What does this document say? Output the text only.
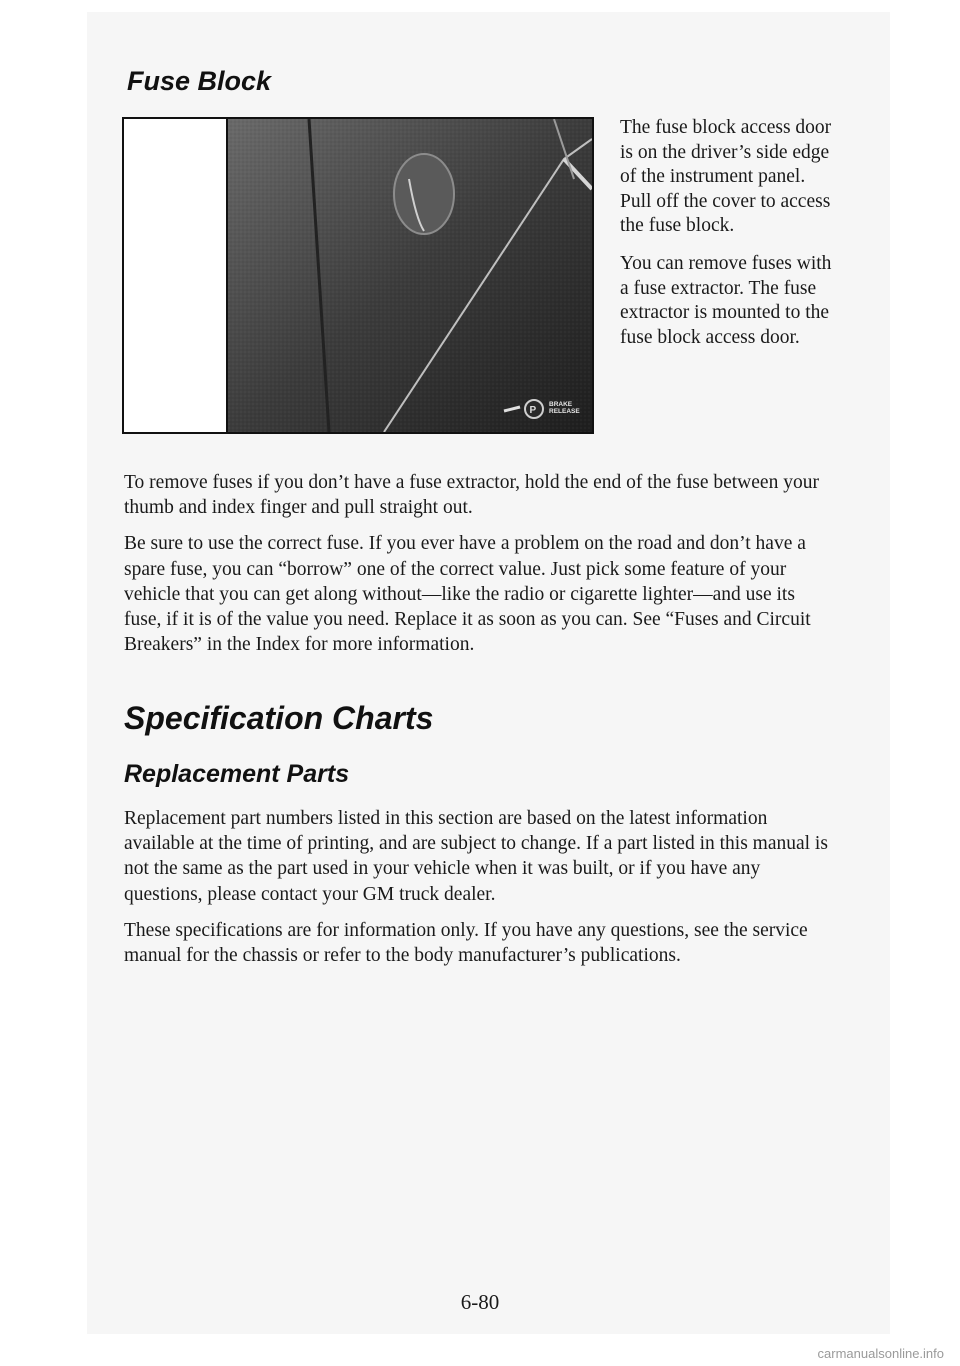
Fuse Block
P
BRAKE
RELEASE

The fuse block access door is on the driver’s side edge of the instrument panel. Pull off the cover to access the fuse block.

You can remove fuses with a fuse extractor. The fuse extractor is mounted to the fuse block access door.

To remove fuses if you don’t have a fuse extractor, hold the end of the fuse between your thumb and index finger and pull straight out.

Be sure to use the correct fuse. If you ever have a problem on the road and don’t have a spare fuse, you can “borrow” one of the correct value. Just pick some feature of your vehicle that you can get along without—like the radio or cigarette lighter—and use its fuse, if it is of the value you need. Replace it as soon as you can. See “Fuses and Circuit Breakers” in the Index for more information.

Specification Charts
Replacement Parts

Replacement part numbers listed in this section are based on the latest information available at the time of printing, and are subject to change. If a part listed in this manual is not the same as the part used in your vehicle when it was built, or if you have any questions, please contact your GM truck dealer.

These specifications are for information only. If you have any questions, see the service manual for the chassis or refer to the body manufacturer’s publications.

6-80

carmanualsonline.info
